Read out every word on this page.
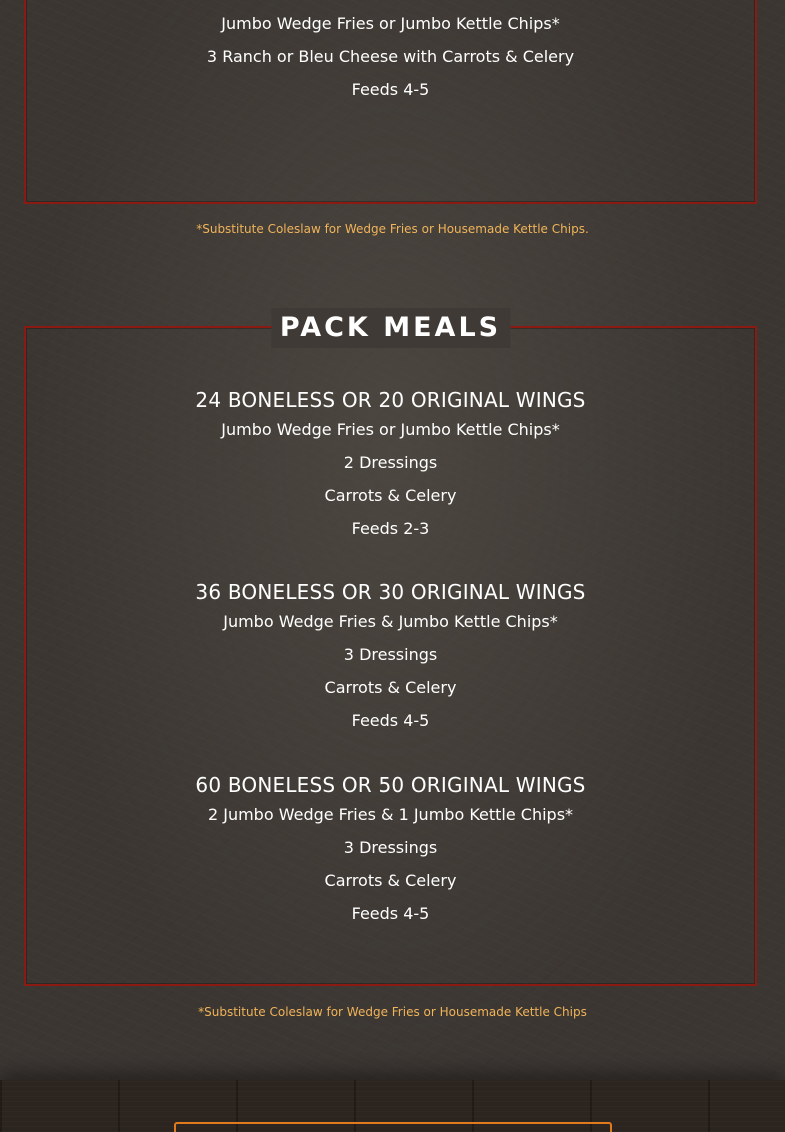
Jumbo Wedge Fries or Jumbo Kettle Chips*
3 Ranch or Bleu Cheese with Carrots & Celery
Feeds 4-5
*Substitute Coleslaw for Wedge Fries or Housemade Kettle Chips.
PACK MEALS
24 BONELESS OR 20 ORIGINAL WINGS
Jumbo Wedge Fries or Jumbo Kettle Chips*
2 Dressings
Carrots & Celery
Feeds 2-3
36 BONELESS OR 30 ORIGINAL WINGS
Jumbo Wedge Fries & Jumbo Kettle Chips*
3 Dressings
Carrots & Celery
Feeds 4-5
60 BONELESS OR 50 ORIGINAL WINGS
2 Jumbo Wedge Fries & 1 Jumbo Kettle Chips*
3 Dressings
Carrots & Celery
Feeds 4-5
*Substitute Coleslaw for Wedge Fries or Housemade Kettle Chips
